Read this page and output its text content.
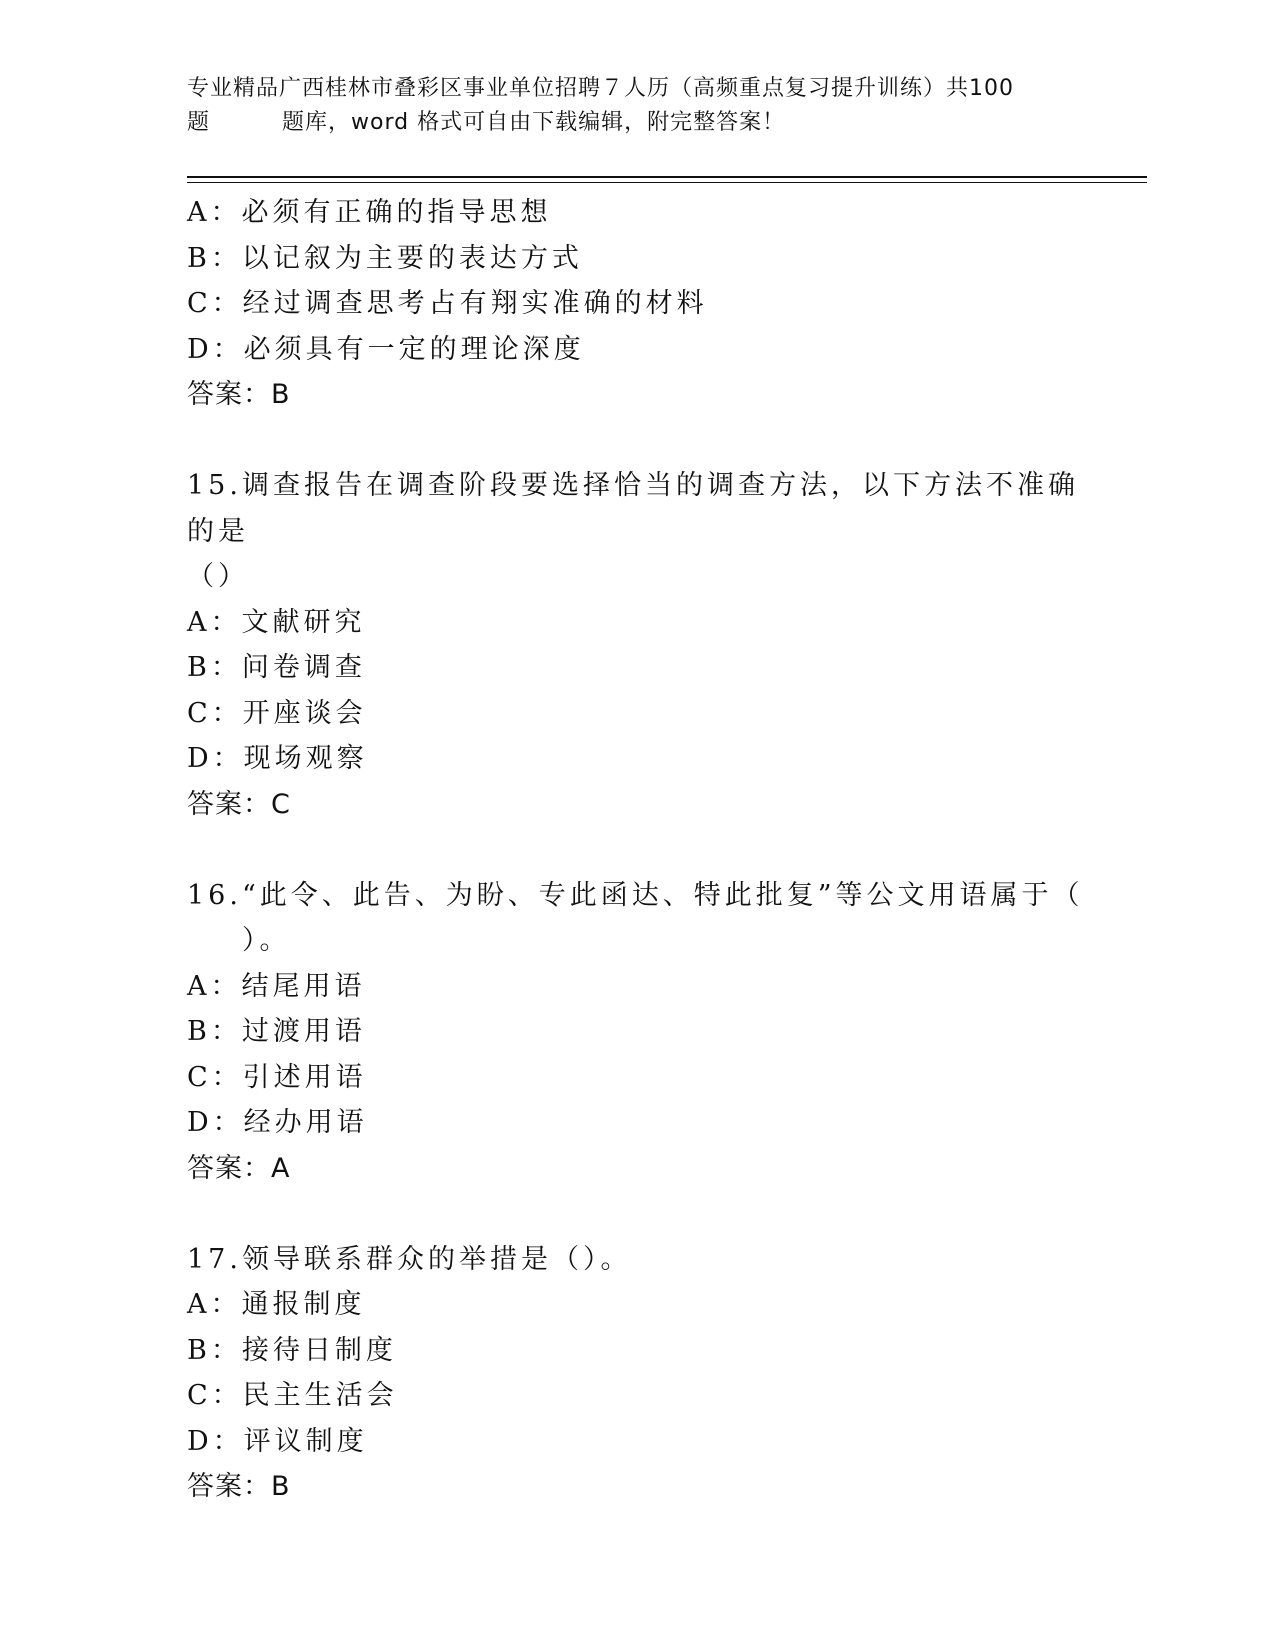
专业精品广西桂林市叠彩区事业单位招聘７人历（高频重点复习提升训练）共100
题	题库，word 格式可自由下载编辑，附完整答案！
A：必须有正确的指导思想
B：以记叙为主要的表达方式
C：经过调查思考占有翔实准确的材料
D：必须具有一定的理论深度
答案：B
15.调查报告在调查阶段要选择恰当的调查方法，以下方法不准确的是
（）
A：文献研究
B：问卷调查
C：开座谈会
D：现场观察
答案：C
16.“此令、此告、为盼、专此函达、特此批复”等公文用语属于（
）。
A：结尾用语
B：过渡用语
C：引述用语
D：经办用语
答案：A
17.领导联系群众的举措是（）。
A：通报制度
B：接待日制度
C：民主生活会
D：评议制度
答案：B
